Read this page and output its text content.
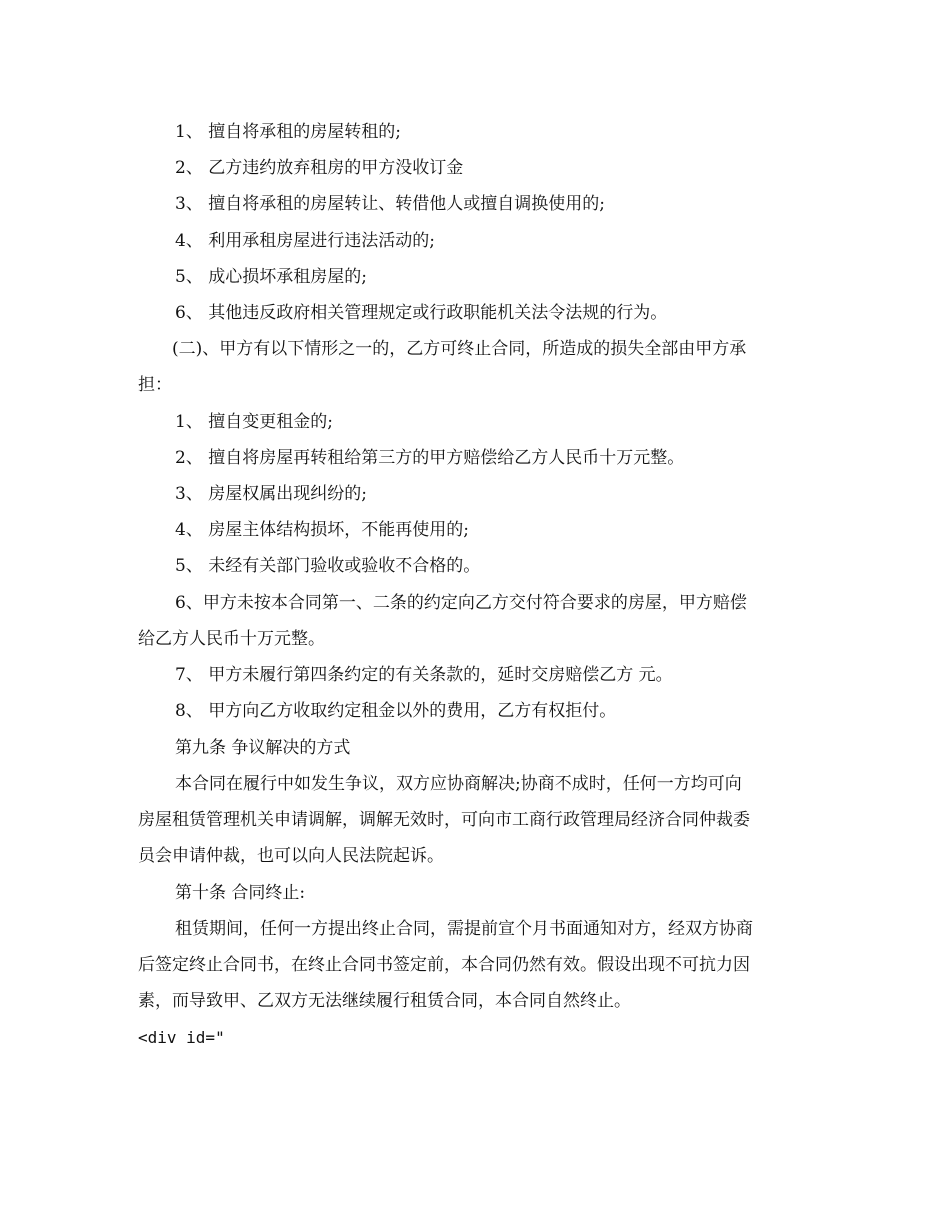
1、 擅自将承租的房屋转租的;
2、 乙方违约放弃租房的甲方没收订金
3、 擅自将承租的房屋转让、转借他人或擅自调换使用的;
4、 利用承租房屋进行违法活动的;
5、 成心损坏承租房屋的;
6、 其他违反政府相关管理规定或行政职能机关法令法规的行为。
(二)、甲方有以下情形之一的，乙方可终止合同，所造成的损失全部由甲方承
担：
1、 擅自变更租金的;
2、 擅自将房屋再转租给第三方的甲方赔偿给乙方人民币十万元整。
3、 房屋权属出现纠纷的;
4、 房屋主体结构损坏，不能再使用的;
5、 未经有关部门验收或验收不合格的。
6、甲方未按本合同第一、二条的约定向乙方交付符合要求的房屋，甲方赔偿
给乙方人民币十万元整。
7、 甲方未履行第四条约定的有关条款的，延时交房赔偿乙方 元。
8、 甲方向乙方收取约定租金以外的费用，乙方有权拒付。
第九条 争议解决的方式
本合同在履行中如发生争议，双方应协商解决;协商不成时，任何一方均可向
房屋租赁管理机关申请调解，调解无效时，可向市工商行政管理局经济合同仲裁委
员会申请仲裁，也可以向人民法院起诉。
第十条 合同终止:
租赁期间，任何一方提出终止合同，需提前宣个月书面通知对方，经双方协商
后签定终止合同书，在终止合同书签定前，本合同仍然有效。假设出现不可抗力因
素，而导致甲、乙双方无法继续履行租赁合同，本合同自然终止。
<div id="
